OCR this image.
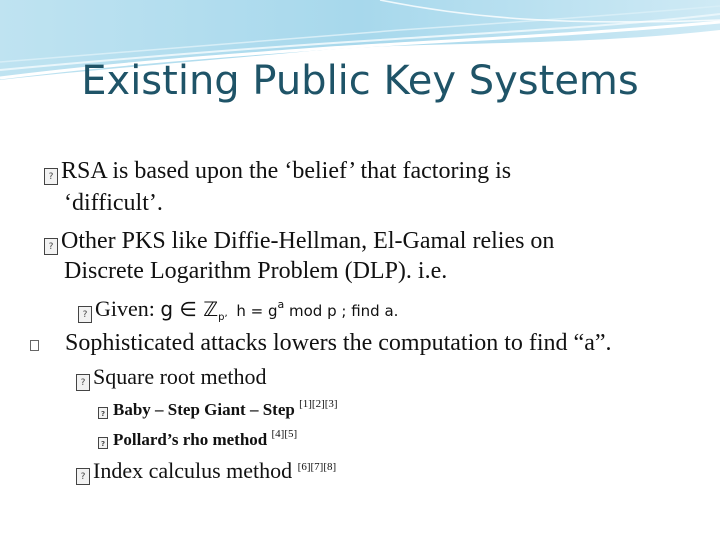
Existing Public Key Systems
? RSA is based upon the ‘belief’ that factoring is
‘difficult’.
? Other PKS like Diffie-Hellman, El-Gamal relies on
Discrete Logarithm Problem (DLP). i.e.
? Given: g ∈ ℤ$_p$,  $h = g^a$ mod p ; find a.
Sophisticated attacks lowers the computation to find “a”.
? Square root method
? Baby – Step Giant – Step [1][2][3]
? Pollard’s rho method [4][5]
? Index calculus method [6][7][8]
